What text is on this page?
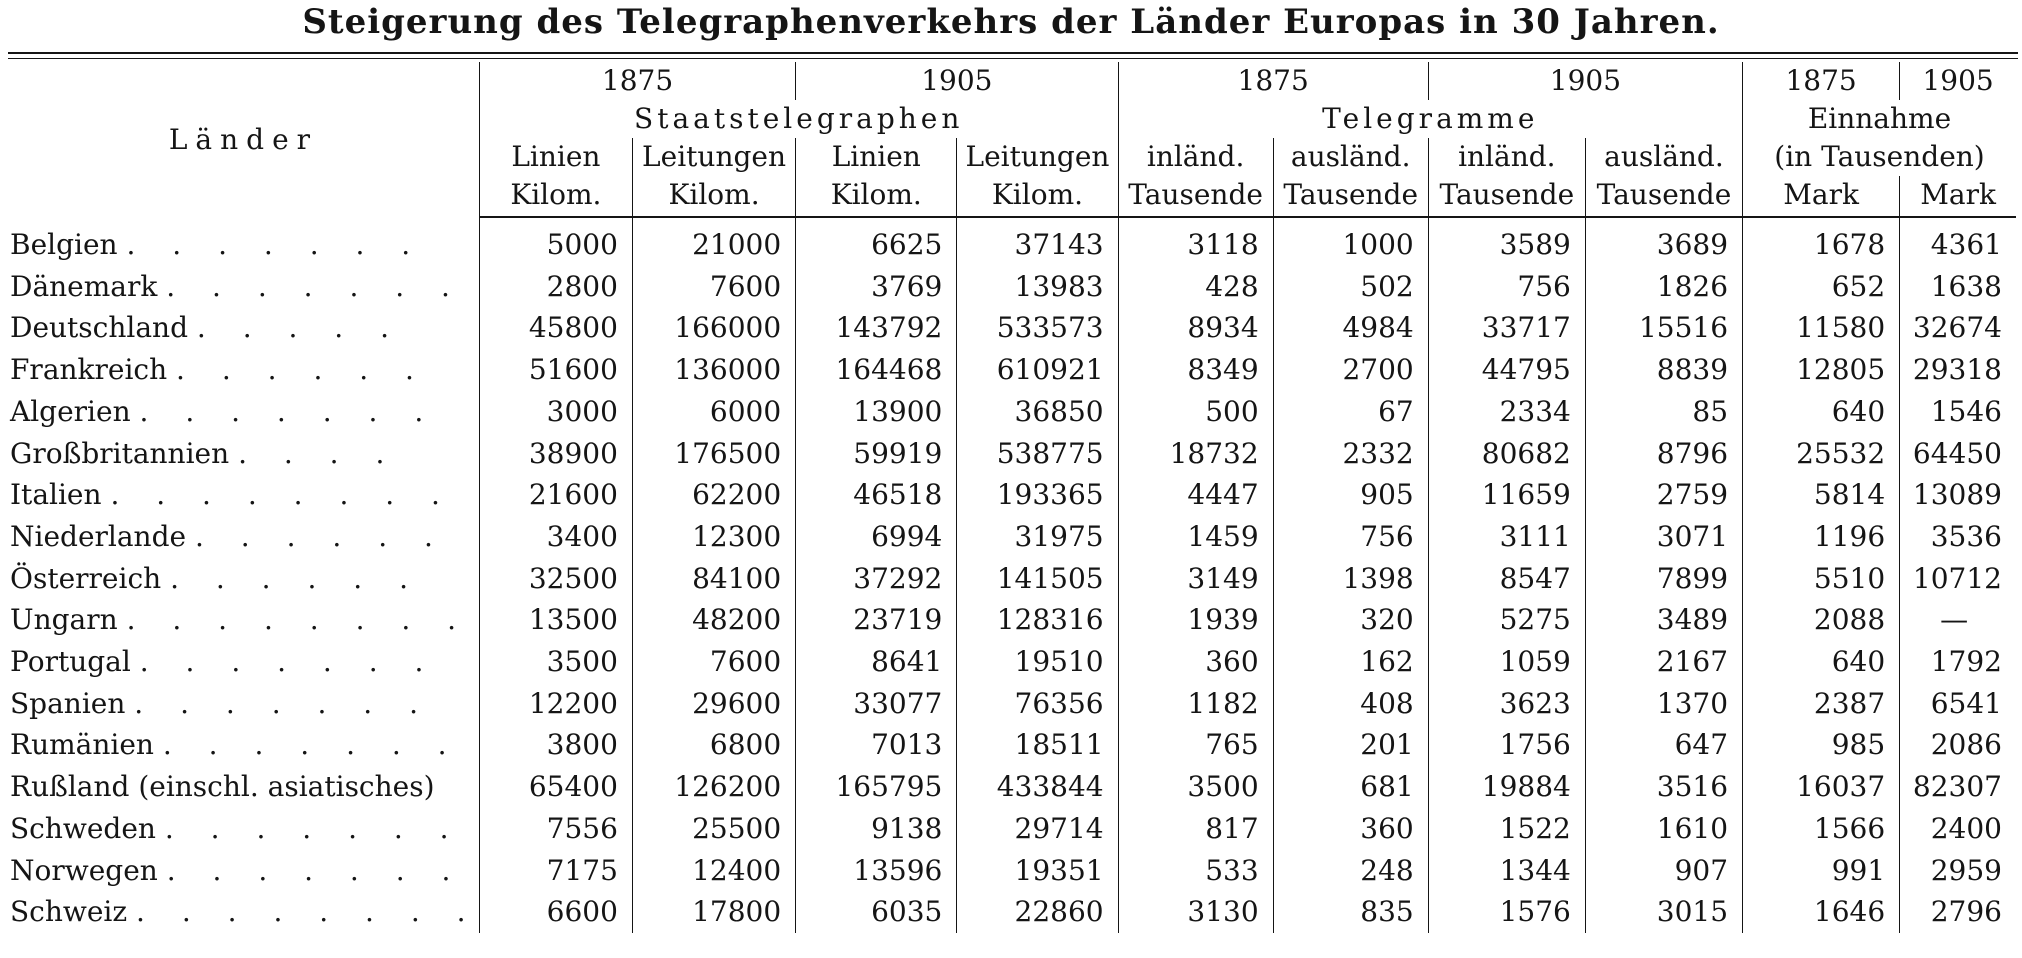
Steigerung des Telegraphenverkehrs der Länder Europas in 30 Jahren.
Länder	1875		1905		1875		1905		1875	1905
	Staatstelegraphen				Telegramme				Einnahme	
	Linien	Leitungen	Linien	Leitungen	inländ.	ausländ.	inländ.	ausländ.	(in Tausenden)	
	Kilom.	Kilom.	Kilom.	Kilom.	Tausende	Tausende	Tausende	Tausende	Mark	Mark
Belgien . . . . . . .	5000	21000	6625	37143	3118	1000	3589	3689	1678	4361
Dänemark . . . . . . .	2800	7600	3769	13983	428	502	756	1826	652	1638
Deutschland . . . . .	45800	166000	143792	533573	8934	4984	33717	15516	11580	32674
Frankreich . . . . . .	51600	136000	164468	610921	8349	2700	44795	8839	12805	29318
Algerien . . . . . . .	3000	6000	13900	36850	500	67	2334	85	640	1546
Großbritannien . . . .	38900	176500	59919	538775	18732	2332	80682	8796	25532	64450
Italien . . . . . . . .	21600	62200	46518	193365	4447	905	11659	2759	5814	13089
Niederlande . . . . . .	3400	12300	6994	31975	1459	756	3111	3071	1196	3536
Österreich . . . . . .	32500	84100	37292	141505	3149	1398	8547	7899	5510	10712
Ungarn . . . . . . . .	13500	48200	23719	128316	1939	320	5275	3489	2088	—
Portugal . . . . . . .	3500	7600	8641	19510	360	162	1059	2167	640	1792
Spanien . . . . . . .	12200	29600	33077	76356	1182	408	3623	1370	2387	6541
Rumänien . . . . . . .	3800	6800	7013	18511	765	201	1756	647	985	2086
Rußland (einschl. asiatisches)	65400	126200	165795	433844	3500	681	19884	3516	16037	82307
Schweden . . . . . . .	7556	25500	9138	29714	817	360	1522	1610	1566	2400
Norwegen . . . . . . .	7175	12400	13596	19351	533	248	1344	907	991	2959
Schweiz . . . . . . . .	6600	17800	6035	22860	3130	835	1576	3015	1646	2796
